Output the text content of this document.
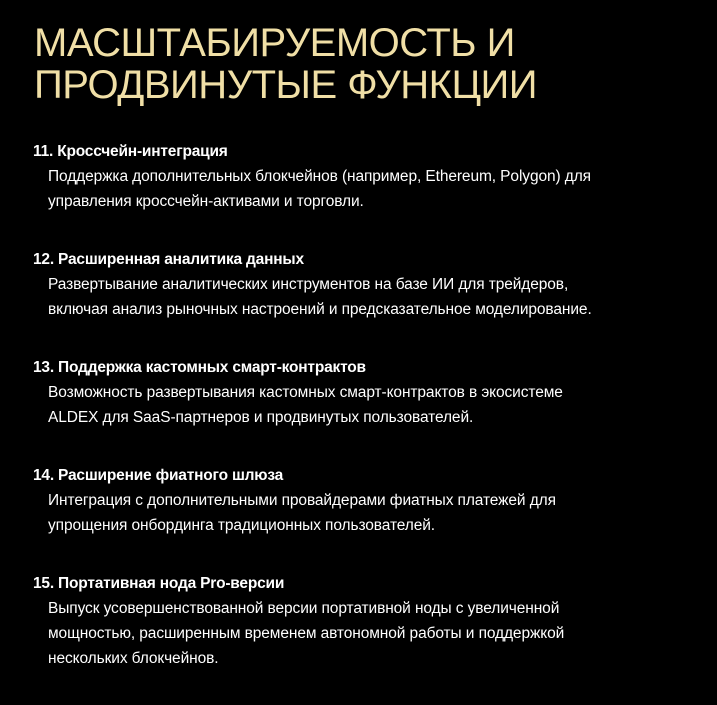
МАСШТАБИРУЕМОСТЬ И
ПРОДВИНУТЫЕ ФУНКЦИИ
11. Кроссчейн-интеграция
Поддержка дополнительных блокчейнов (например, Ethereum, Polygon) для
управления кроссчейн-активами и торговли.
12. Расширенная аналитика данных
Развертывание аналитических инструментов на базе ИИ для трейдеров,
включая анализ рыночных настроений и предсказательное моделирование.
13. Поддержка кастомных смарт-контрактов
Возможность развертывания кастомных смарт-контрактов в экосистеме
ALDEX для SaaS-партнеров и продвинутых пользователей.
14. Расширение фиатного шлюза
Интеграция с дополнительными провайдерами фиатных платежей для
упрощения онбординга традиционных пользователей.
15. Портативная нода Pro-версии
Выпуск усовершенствованной версии портативной ноды с увеличенной
мощностью, расширенным временем автономной работы и поддержкой
нескольких блокчейнов.
